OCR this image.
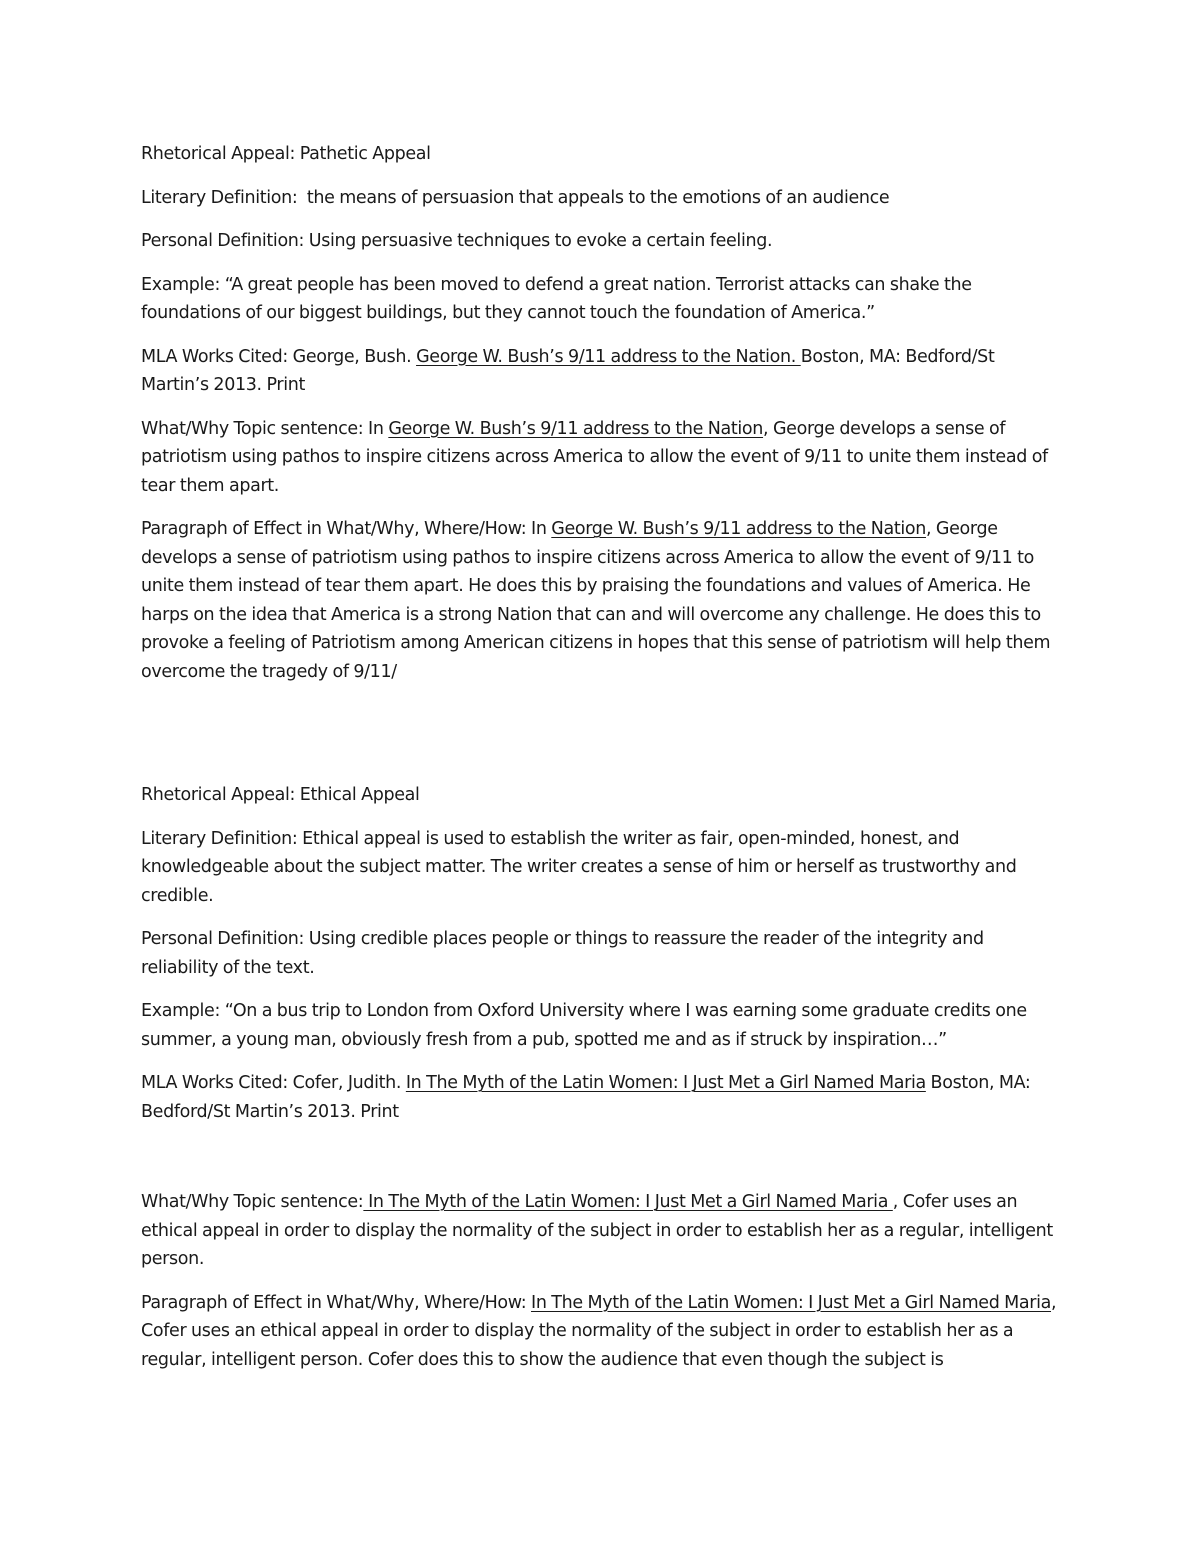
Rhetorical Appeal: Pathetic Appeal

Literary Definition:  the means of persuasion that appeals to the emotions of an audience

Personal Definition: Using persuasive techniques to evoke a certain feeling.

Example: “A great people has been moved to defend a great nation. Terrorist attacks can shake the foundations of our biggest buildings, but they cannot touch the foundation of America.”

MLA Works Cited: George, Bush. George W. Bush’s 9/11 address to the Nation. Boston, MA: Bedford/St Martin’s 2013. Print

What/Why Topic sentence: In George W. Bush’s 9/11 address to the Nation, George develops a sense of patriotism using pathos to inspire citizens across America to allow the event of 9/11 to unite them instead of tear them apart.

Paragraph of Effect in What/Why, Where/How: In George W. Bush’s 9/11 address to the Nation, George develops a sense of patriotism using pathos to inspire citizens across America to allow the event of 9/11 to unite them instead of tear them apart. He does this by praising the foundations and values of America. He harps on the idea that America is a strong Nation that can and will overcome any challenge. He does this to provoke a feeling of Patriotism among American citizens in hopes that this sense of patriotism will help them overcome the tragedy of 9/11/

Rhetorical Appeal: Ethical Appeal

Literary Definition: Ethical appeal is used to establish the writer as fair, open-minded, honest, and knowledgeable about the subject matter. The writer creates a sense of him or herself as trustworthy and credible.

Personal Definition: Using credible places people or things to reassure the reader of the integrity and reliability of the text.

Example: “On a bus trip to London from Oxford University where I was earning some graduate credits one summer, a young man, obviously fresh from a pub, spotted me and as if struck by inspiration…”

MLA Works Cited: Cofer, Judith. In The Myth of the Latin Women: I Just Met a Girl Named Maria Boston, MA: Bedford/St Martin’s 2013. Print

What/Why Topic sentence: In The Myth of the Latin Women: I Just Met a Girl Named Maria , Cofer uses an ethical appeal in order to display the normality of the subject in order to establish her as a regular, intelligent person.

Paragraph of Effect in What/Why, Where/How: In The Myth of the Latin Women: I Just Met a Girl Named Maria, Cofer uses an ethical appeal in order to display the normality of the subject in order to establish her as a regular, intelligent person. Cofer does this to show the audience that even though the subject is
